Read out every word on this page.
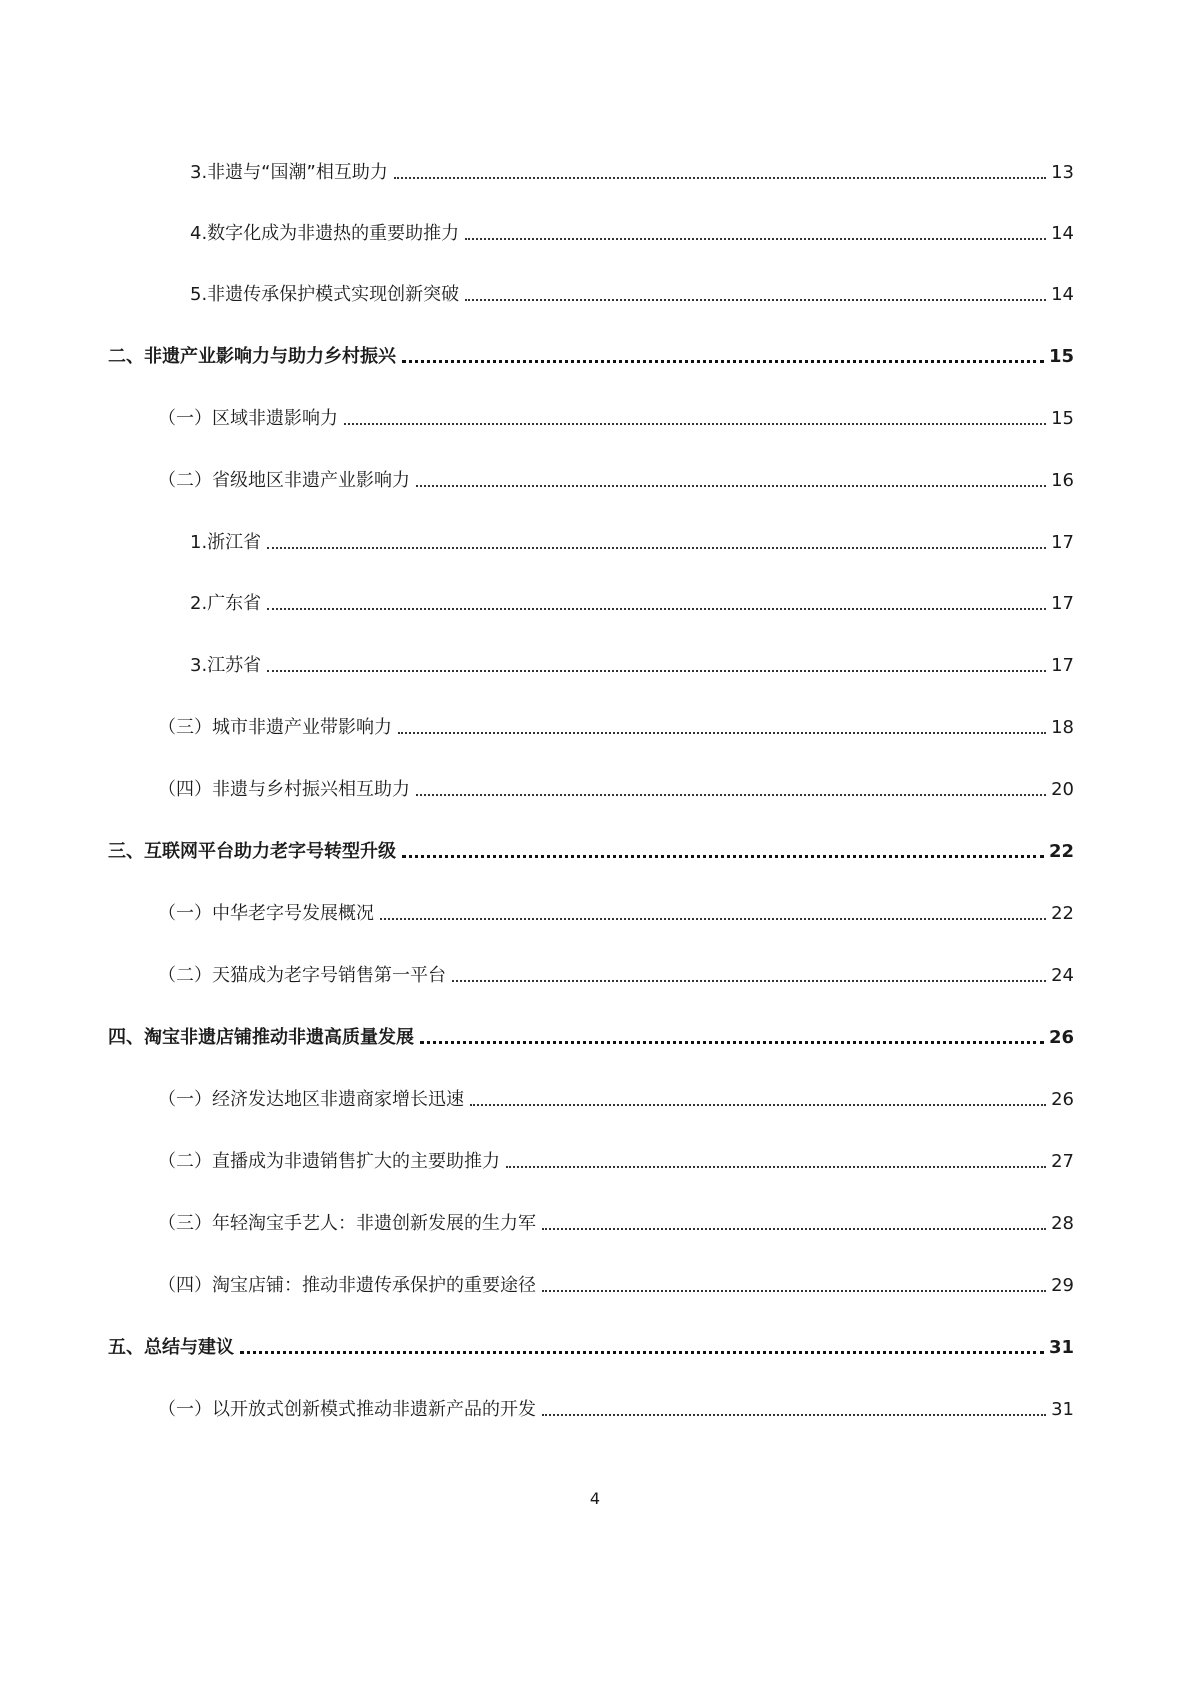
3.非遗与“国潮”相互助力	13
4.数字化成为非遗热的重要助推力	14
5.非遗传承保护模式实现创新突破	14
二、非遗产业影响力与助力乡村振兴	15
（一）区域非遗影响力	15
（二）省级地区非遗产业影响力	16
1.浙江省	17
2.广东省	17
3.江苏省	17
（三）城市非遗产业带影响力	18
（四）非遗与乡村振兴相互助力	20
三、互联网平台助力老字号转型升级	22
（一）中华老字号发展概况	22
（二）天猫成为老字号销售第一平台	24
四、淘宝非遗店铺推动非遗高质量发展	26
（一）经济发达地区非遗商家增长迅速	26
（二）直播成为非遗销售扩大的主要助推力	27
（三）年轻淘宝手艺人：非遗创新发展的生力军	28
（四）淘宝店铺：推动非遗传承保护的重要途径	29
五、总结与建议	31
（一）以开放式创新模式推动非遗新产品的开发	31
4
